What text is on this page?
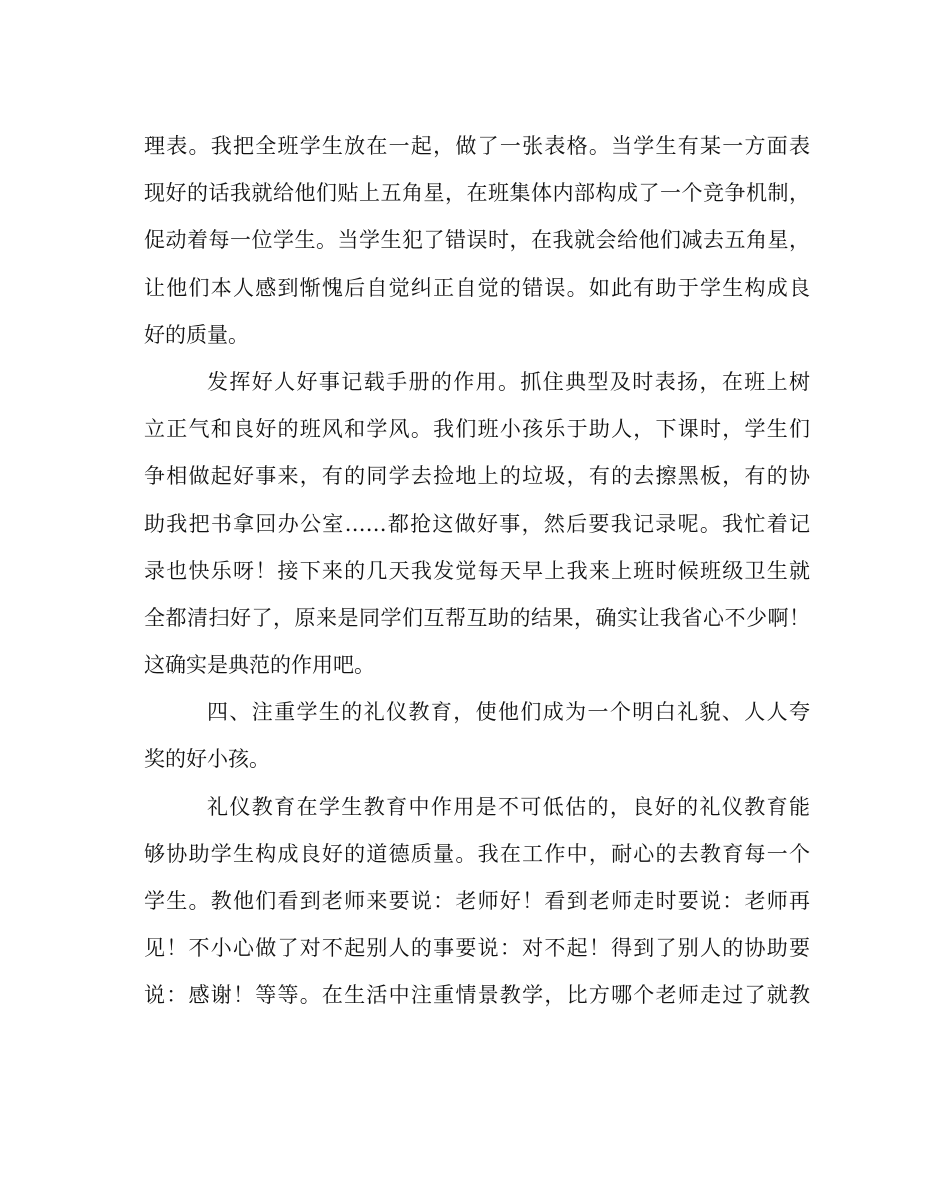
理表。我把全班学生放在一起，做了一张表格。当学生有某一方面表
现好的话我就给他们贴上五角星，在班集体内部构成了一个竞争机制，
促动着每一位学生。当学生犯了错误时，在我就会给他们减去五角星，
让他们本人感到惭愧后自觉纠正自觉的错误。如此有助于学生构成良
好的质量。
发挥好人好事记载手册的作用。抓住典型及时表扬，在班上树
立正气和良好的班风和学风。我们班小孩乐于助人，下课时，学生们
争相做起好事来，有的同学去捡地上的垃圾，有的去擦黑板，有的协
助我把书拿回办公室……都抢这做好事，然后要我记录呢。我忙着记
录也快乐呀！接下来的几天我发觉每天早上我来上班时候班级卫生就
全都清扫好了，原来是同学们互帮互助的结果，确实让我省心不少啊！
这确实是典范的作用吧。
四、注重学生的礼仪教育，使他们成为一个明白礼貌、人人夸
奖的好小孩。
礼仪教育在学生教育中作用是不可低估的，良好的礼仪教育能
够协助学生构成良好的道德质量。我在工作中，耐心的去教育每一个
学生。教他们看到老师来要说：老师好！看到老师走时要说：老师再
见！不小心做了对不起别人的事要说：对不起！得到了别人的协助要
说：感谢！等等。在生活中注重情景教学，比方哪个老师走过了就教
